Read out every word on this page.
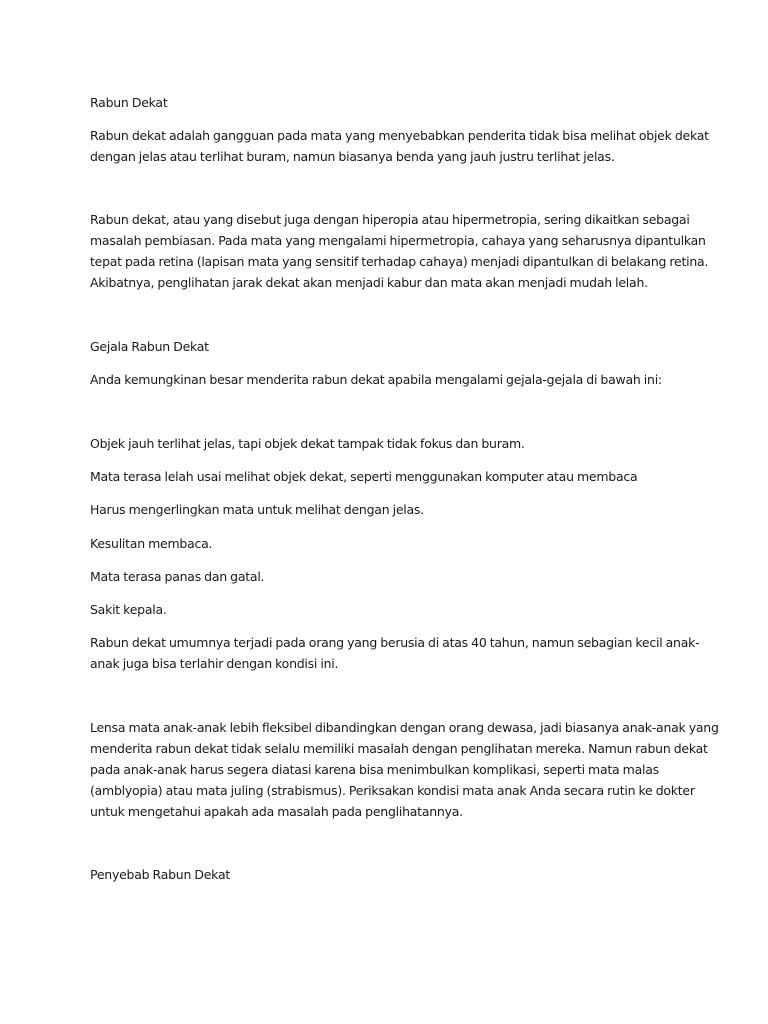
Rabun Dekat

Rabun dekat adalah gangguan pada mata yang menyebabkan penderita tidak bisa melihat objek dekat

dengan jelas atau terlihat buram, namun biasanya benda yang jauh justru terlihat jelas.

Rabun dekat, atau yang disebut juga dengan hiperopia atau hipermetropia, sering dikaitkan sebagai

masalah pembiasan. Pada mata yang mengalami hipermetropia, cahaya yang seharusnya dipantulkan

tepat pada retina (lapisan mata yang sensitif terhadap cahaya) menjadi dipantulkan di belakang retina.

Akibatnya, penglihatan jarak dekat akan menjadi kabur dan mata akan menjadi mudah lelah.

Gejala Rabun Dekat

Anda kemungkinan besar menderita rabun dekat apabila mengalami gejala-gejala di bawah ini:

Objek jauh terlihat jelas, tapi objek dekat tampak tidak fokus dan buram.

Mata terasa lelah usai melihat objek dekat, seperti menggunakan komputer atau membaca

Harus mengerlingkan mata untuk melihat dengan jelas.

Kesulitan membaca.

Mata terasa panas dan gatal.

Sakit kepala.

Rabun dekat umumnya terjadi pada orang yang berusia di atas 40 tahun, namun sebagian kecil anak-

anak juga bisa terlahir dengan kondisi ini.

Lensa mata anak-anak lebih fleksibel dibandingkan dengan orang dewasa, jadi biasanya anak-anak yang

menderita rabun dekat tidak selalu memiliki masalah dengan penglihatan mereka. Namun rabun dekat

pada anak-anak harus segera diatasi karena bisa menimbulkan komplikasi, seperti mata malas

(amblyopia) atau mata juling (strabismus). Periksakan kondisi mata anak Anda secara rutin ke dokter

untuk mengetahui apakah ada masalah pada penglihatannya.

Penyebab Rabun Dekat
